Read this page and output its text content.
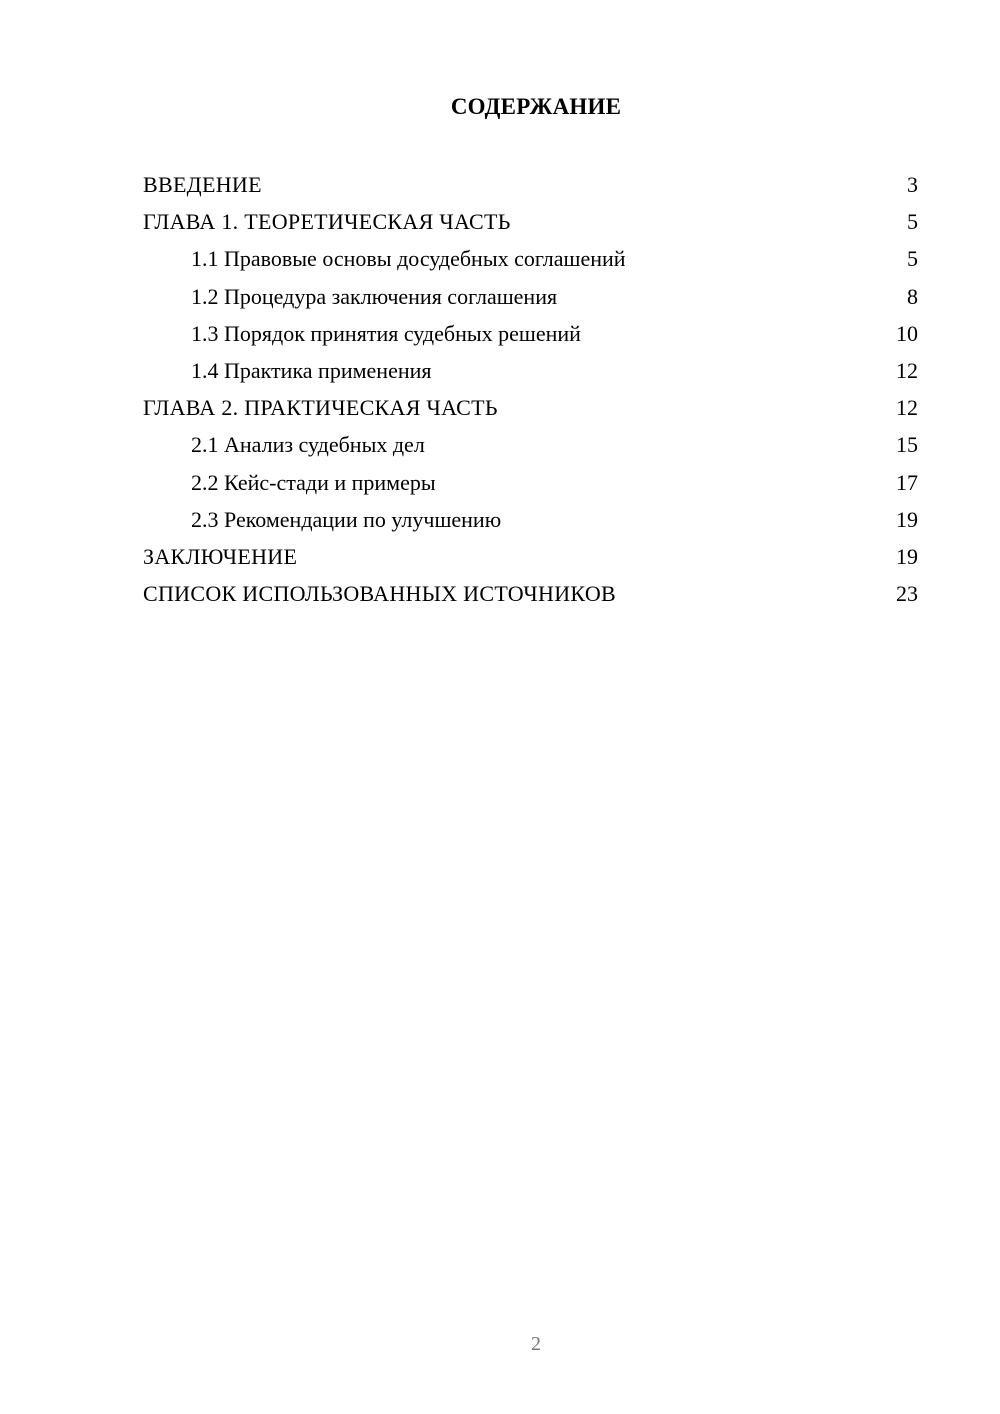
СОДЕРЖАНИЕ
ВВЕДЕНИЕ	3
ГЛАВА 1. ТЕОРЕТИЧЕСКАЯ ЧАСТЬ	5
1.1 Правовые основы досудебных соглашений	5
1.2 Процедура заключения соглашения	8
1.3 Порядок принятия судебных решений	10
1.4 Практика применения	12
ГЛАВА 2. ПРАКТИЧЕСКАЯ ЧАСТЬ	12
2.1 Анализ судебных дел	15
2.2 Кейс-стади и примеры	17
2.3 Рекомендации по улучшению	19
ЗАКЛЮЧЕНИЕ	19
СПИСОК ИСПОЛЬЗОВАННЫХ ИСТОЧНИКОВ	23
2
